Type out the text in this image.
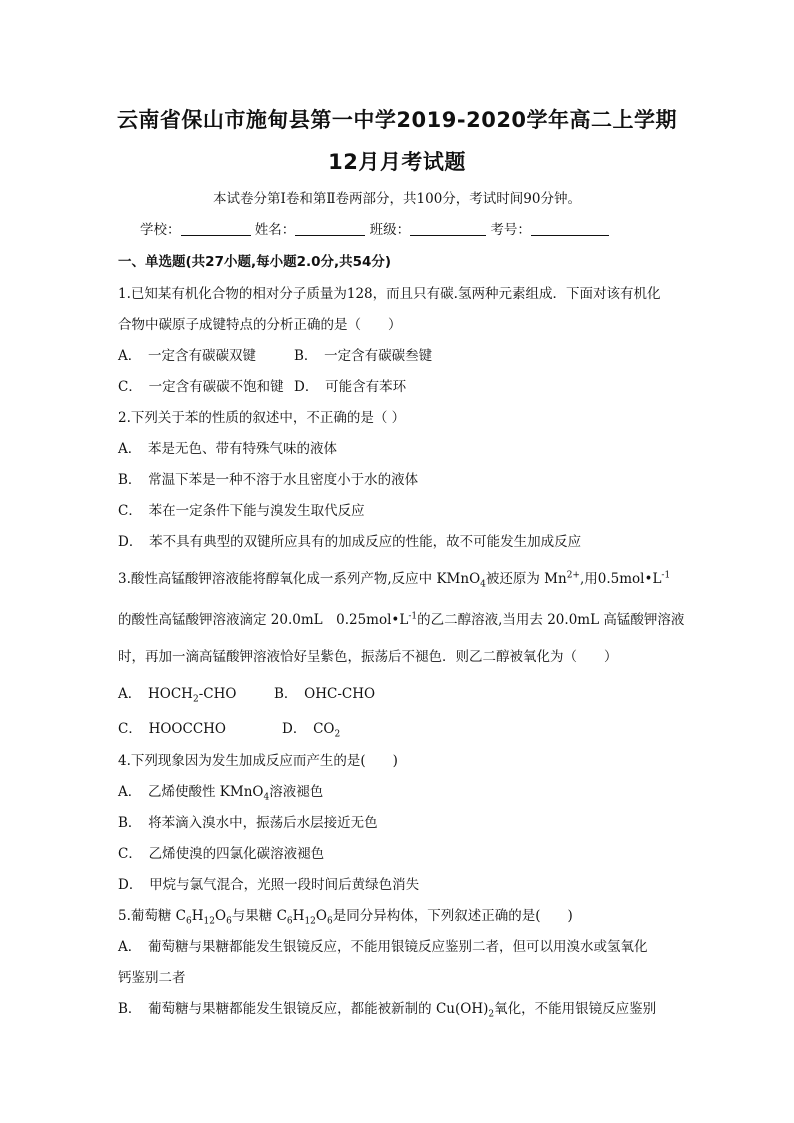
云南省保山市施甸县第一中学2019-2020学年高二上学期
12月月考试题
本试卷分第Ⅰ卷和第Ⅱ卷两部分，共100分，考试时间90分钟。
学校：	姓名：	班级：	考号：
一、单选题(共27小题,每小题2.0分,共54分)
1.已知某有机化合物的相对分子质量为128，而且只有碳.氢两种元素组成．下面对该有机化
合物中碳原子成键特点的分析正确的是（　　）
A．　一定含有碳碳双键	B．　一定含有碳碳叁键
C．　一定含有碳碳不饱和键 D．　可能含有苯环
2.下列关于苯的性质的叙述中，不正确的是（ ）
A．　苯是无色、带有特殊气味的液体
B．　常温下苯是一种不溶于水且密度小于水的液体
C．　苯在一定条件下能与溴发生取代反应
D．　苯不具有典型的双键所应具有的加成反应的性能，故不可能发生加成反应
3.酸性高锰酸钾溶液能将醇氧化成一系列产物,反应中 KMnO$_4$被还原为 $Mn^{2+}$,用$0.5mol•L^{-1}$
的酸性高锰酸钾溶液滴定 20.0mL　$0.25mol•L^{-1}$的乙二醇溶液,当用去 20.0mL 高锰酸钾溶液
时，再加一滴高锰酸钾溶液恰好呈紫色，振荡后不褪色．则乙二醇被氧化为（　　）
A．　$HOCH_2$-CHO	B．　OHC-CHO
C．　HOOCCHO	D．　$CO_2$
4.下列现象因为发生加成反应而产生的是(　　)
A．　乙烯使酸性 KMnO$_4$溶液褪色
B．　将苯滴入溴水中，振荡后水层接近无色
C．　乙烯使溴的四氯化碳溶液褪色
D．　甲烷与氯气混合，光照一段时间后黄绿色消失
5.葡萄糖 $C_6H_{12}O_6$与果糖 $C_6H_{12}O_6$是同分异构体，下列叙述正确的是(　　)
A．　葡萄糖与果糖都能发生银镜反应，不能用银镜反应鉴别二者，但可以用溴水或氢氧化
钙鉴别二者
B．　葡萄糖与果糖都能发生银镜反应，都能被新制的 $Cu(OH)_2$氧化，不能用银镜反应鉴别
